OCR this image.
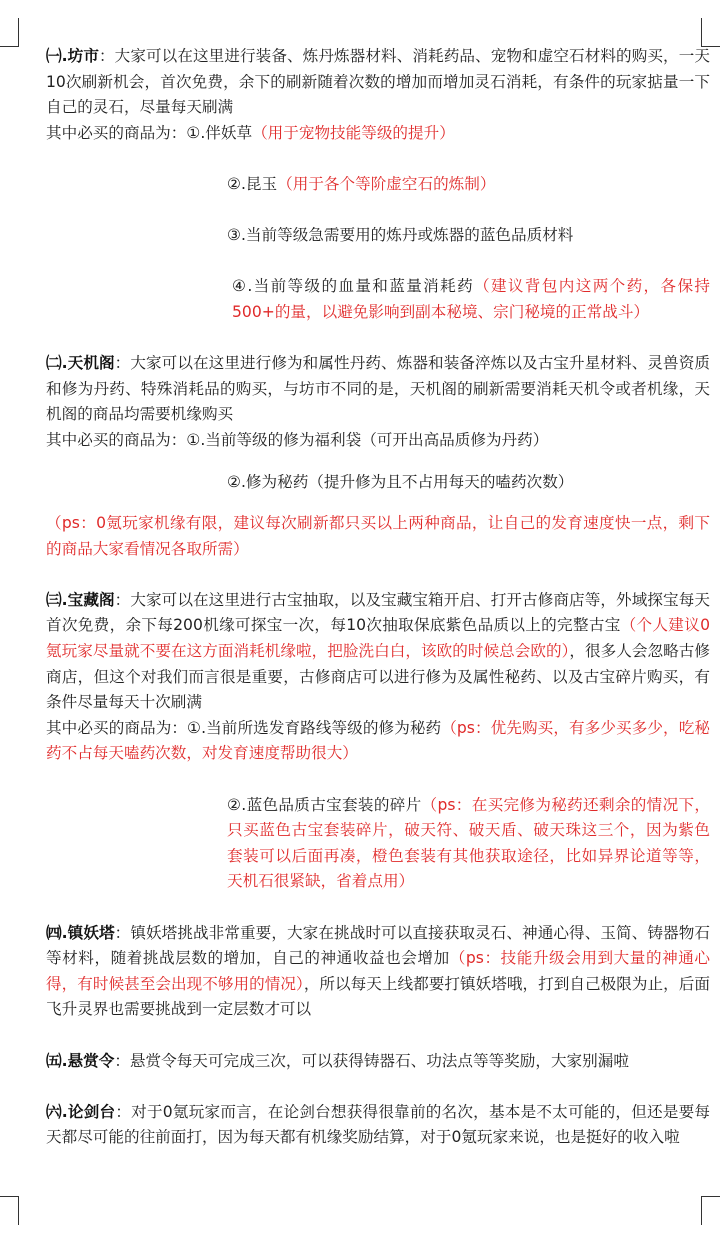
㈠.坊市：大家可以在这里进行装备、炼丹炼器材料、消耗药品、宠物和虚空石材料的购买，一天10次刷新机会，首次免费，余下的刷新随着次数的增加而增加灵石消耗，有条件的玩家掂量一下自己的灵石，尽量每天刷满

其中必买的商品为：①.伴妖草（用于宠物技能等级的提升）

②.昆玉（用于各个等阶虚空石的炼制）

③.当前等级急需要用的炼丹或炼器的蓝色品质材料

④.当前等级的血量和蓝量消耗药（建议背包内这两个药，各保持500+的量，以避免影响到副本秘境、宗门秘境的正常战斗）

㈡.天机阁：大家可以在这里进行修为和属性丹药、炼器和装备淬炼以及古宝升星材料、灵兽资质和修为丹药、特殊消耗品的购买，与坊市不同的是，天机阁的刷新需要消耗天机令或者机缘，天机阁的商品均需要机缘购买

其中必买的商品为：①.当前等级的修为福利袋（可开出高品质修为丹药）

②.修为秘药（提升修为且不占用每天的嗑药次数）

（ps：0氪玩家机缘有限，建议每次刷新都只买以上两种商品，让自己的发育速度快一点，剩下的商品大家看情况各取所需）

㈢.宝藏阁：大家可以在这里进行古宝抽取，以及宝藏宝箱开启、打开古修商店等，外域探宝每天首次免费，余下每200机缘可探宝一次，每10次抽取保底紫色品质以上的完整古宝（个人建议0氪玩家尽量就不要在这方面消耗机缘啦，把脸洗白白，该欧的时候总会欧的），很多人会忽略古修商店，但这个对我们而言很是重要，古修商店可以进行修为及属性秘药、以及古宝碎片购买，有条件尽量每天十次刷满

其中必买的商品为：①.当前所选发育路线等级的修为秘药（ps：优先购买，有多少买多少，吃秘药不占每天嗑药次数，对发育速度帮助很大）

②.蓝色品质古宝套装的碎片（ps：在买完修为秘药还剩余的情况下，只买蓝色古宝套装碎片，破天符、破天盾、破天珠这三个，因为紫色套装可以后面再凑，橙色套装有其他获取途径，比如异界论道等等，天机石很紧缺，省着点用）

㈣.镇妖塔：镇妖塔挑战非常重要，大家在挑战时可以直接获取灵石、神通心得、玉简、铸器物石等材料，随着挑战层数的增加，自己的神通收益也会增加（ps：技能升级会用到大量的神通心得，有时候甚至会出现不够用的情况），所以每天上线都要打镇妖塔哦，打到自己极限为止，后面飞升灵界也需要挑战到一定层数才可以

㈤.悬赏令：悬赏令每天可完成三次，可以获得铸器石、功法点等等奖励，大家别漏啦

㈥.论剑台：对于0氪玩家而言，在论剑台想获得很靠前的名次，基本是不太可能的，但还是要每天都尽可能的往前面打，因为每天都有机缘奖励结算，对于0氪玩家来说，也是挺好的收入啦
